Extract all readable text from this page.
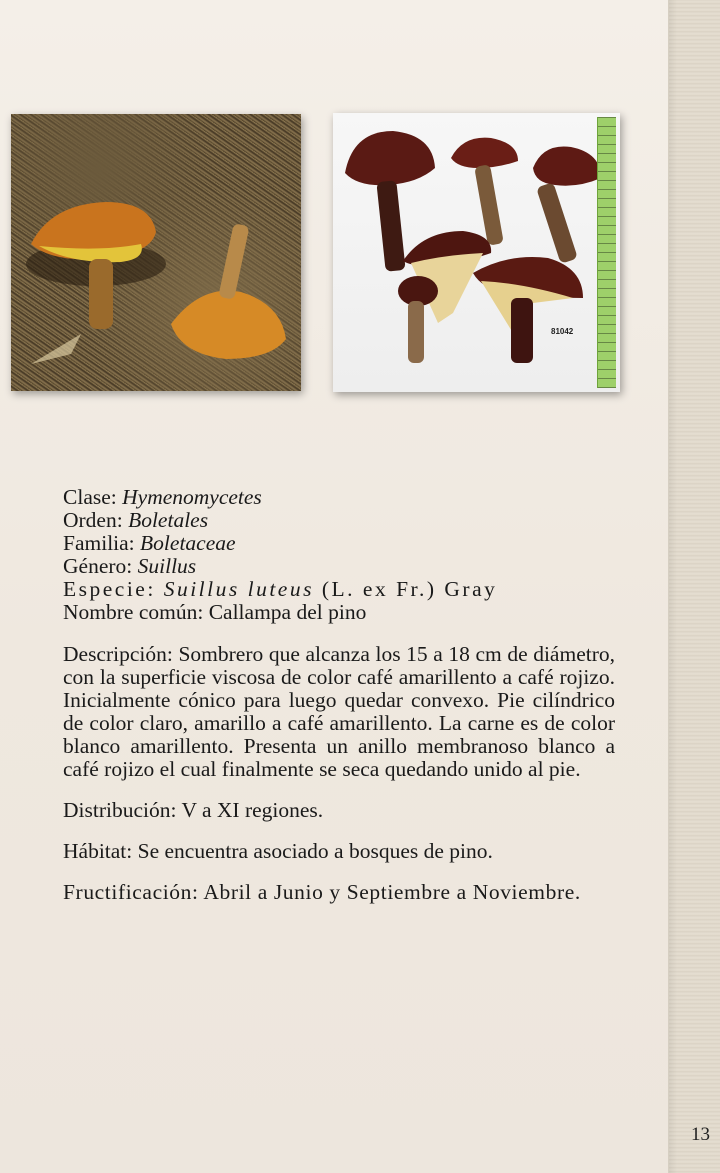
81042

Clase: Hymenomycetes

Orden: Boletales

Familia: Boletaceae

Género: Suillus

Especie: Suillus luteus (L. ex Fr.) Gray

Nombre común: Callampa del pino

Descripción: Sombrero que alcanza los 15 a 18 cm de diámetro, con la superficie viscosa de color café amarillento a café rojizo. Inicialmente cónico para luego quedar convexo. Pie cilíndrico de color claro, amarillo a café amarillento. La carne es de color blanco amarillento. Presenta un anillo membranoso blanco a café rojizo el cual finalmente se seca quedando unido al pie.

Distribución: V a XI regiones.

Hábitat: Se encuentra asociado a bosques de pino.

Fructificación: Abril a Junio y Septiembre a Noviembre.

13
